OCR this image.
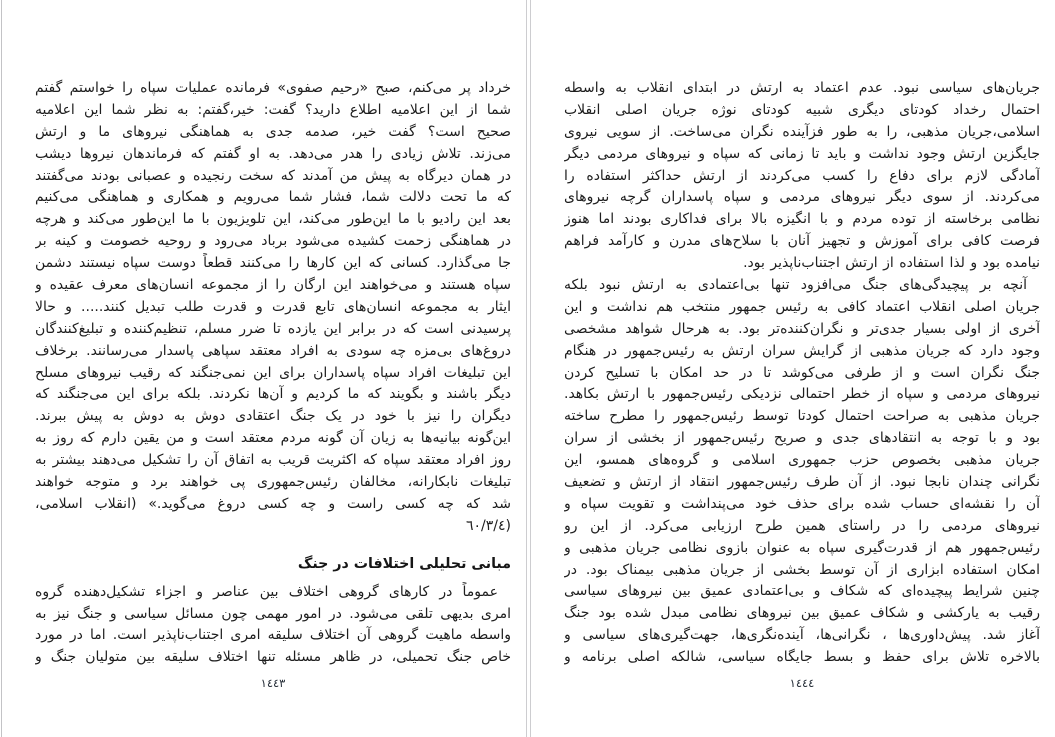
خرداد پر می‌کنم، صبح «رحیم صفوی» فرمانده عملیات سپاه را خواستم گفتم
شما از این اعلامیه اطلاع دارید؟ گفت: خیر،گفتم: به نظر شما این اعلامیه
صحیح است؟ گفت خیر، صدمه جدی به هماهنگی نیروهای ما و ارتش
می‌زند. تلاش زیادی را هدر می‌دهد. به او گفتم که فرماندهان نیروها دیشب
در همان دیرگاه به پیش من آمدند که سخت رنجیده و عصبانی بودند می‌گفتند
که ما تحت دلالت شما، فشار شما می‌رویم و همکاری و هماهنگی می‌کنیم
بعد این رادیو با ما این‌طور می‌کند، این تلویزیون با ما این‌طور می‌کند و هرچه
در هماهنگی زحمت کشیده می‌شود برباد می‌رود و روحیه خصومت و کینه بر
جا می‌گذارد. کسانی که این کارها را می‌کنند قطعاً دوست سپاه نیستند دشمن
سپاه هستند و می‌خواهند این ارگان را از مجموعه انسان‌های معرف عقیده و
ایثار به مجموعه انسان‌های تابع قدرت و قدرت طلب تبدیل کنند..... و حالا
پرسیدنی است که در برابر این یازده تا ضرر مسلم، تنظیم‌کننده و تبلیغ‌کنندگان
دروغ‌های بی‌مزه چه سودی به افراد معتقد سپاهی پاسدار می‌رسانند. برخلاف
این تبلیغات افراد سپاه پاسداران برای این نمی‌جنگند که رقیب نیروهای مسلح
دیگر باشند و بگویند که ما کردیم و آن‌ها نکردند. بلکه برای این می‌جنگند که
دیگران را نیز با خود در یک جنگ اعتقادی دوش به دوش به پیش ببرند.
این‌گونه بیانیه‌ها به زیان آن گونه مردم معتقد است و من یقین دارم که روز به
روز افراد معتقد سپاه که اکثریت قریب به اتفاق آن را تشکیل می‌دهند بیشتر به
تبلیغات نابکارانه، مخالفان رئیس‌جمهوری پی خواهند برد و متوجه خواهند
شد که چه کسی راست و چه کسی دروغ می‌گوید.» (انقلاب اسلامی،
٦٠/٣/٤)
مبانی تحلیلی اختلافات در جنگ
عموماً در کارهای گروهی اختلاف بین عناصر و اجزاء تشکیل‌دهنده گروه
امری بدیهی تلقی می‌شود. در امور مهمی چون مسائل سیاسی و جنگ نیز به
واسطه ماهیت گروهی آن اختلاف سلیقه امری اجتناب‌ناپذیر است. اما در مورد
خاص جنگ تحمیلی، در ظاهر مسئله تنها اختلاف سلیقه بین متولیان جنگ و
١٤٤٣
جریان‌های سیاسی نبود. عدم اعتماد به ارتش در ابتدای انقلاب به واسطه
احتمال رخداد کودتای دیگری شبیه کودتای نوژه جریان اصلی انقلاب
اسلامی،جریان مذهبی، را به طور فزآینده نگران می‌ساخت. از سویی نیروی
جایگزین ارتش وجود نداشت و باید تا زمانی که سپاه و نیروهای مردمی دیگر
آمادگی لازم برای دفاع را کسب می‌کردند از ارتش حداکثر استفاده را
می‌کردند. از سوی دیگر نیروهای مردمی و سپاه پاسداران گرچه نیروهای
نظامی برخاسته از توده مردم و با انگیزه بالا برای فداکاری بودند اما هنوز
فرصت کافی برای آموزش و تجهیز آنان با سلاح‌های مدرن و کارآمد فراهم
نیامده بود و لذا استفاده از ارتش اجتناب‌ناپذیر بود.
آنچه بر پیچیدگی‌های جنگ می‌افزود تنها بی‌اعتمادی به ارتش نبود بلکه
جریان اصلی انقلاب اعتماد کافی به رئیس جمهور منتخب هم نداشت و این
آخری از اولی بسیار جدی‌تر و نگران‌کننده‌تر بود. به هرحال شواهد مشخصی
وجود دارد که جریان مذهبی از گرایش سران ارتش به رئیس‌جمهور در هنگام
جنگ نگران است و از طرفی می‌کوشد تا در حد امکان با تسلیح کردن
نیروهای مردمی و سپاه از خطر احتمالی نزدیکی رئیس‌جمهور با ارتش بکاهد.
جریان مذهبی به صراحت احتمال کودتا توسط رئیس‌جمهور را مطرح ساخته
بود و با توجه به انتقادهای جدی و صریح رئیس‌جمهور از بخشی از سران
جریان مذهبی بخصوص حزب جمهوری اسلامی و گروه‌های همسو، این
نگرانی چندان نابجا نبود. از آن طرف رئیس‌جمهور انتقاد از ارتش و تضعیف
آن را نقشه‌ای حساب شده برای حذف خود می‌پنداشت و تقویت سپاه و
نیروهای مردمی را در راستای همین طرح ارزیابی می‌کرد. از این رو
رئیس‌جمهور هم از قدرت‌گیری سپاه به عنوان بازوی نظامی جریان مذهبی و
امکان استفاده ابزاری از آن توسط بخشی از جریان مذهبی بیمناک بود. در
چنین شرایط پیچیده‌ای که شکاف و بی‌اعتمادی عمیق بین نیروهای سیاسی
رقیب به یارکشی و شکاف عمیق بین نیروهای نظامی مبدل شده بود جنگ
آغاز شد. پیش‌داوری‌ها ، نگرانی‌ها، آینده‌نگری‌ها، جهت‌گیری‌های سیاسی و
بالاخره تلاش برای حفظ و بسط جایگاه سیاسی، شالکه اصلی برنامه و
١٤٤٤
